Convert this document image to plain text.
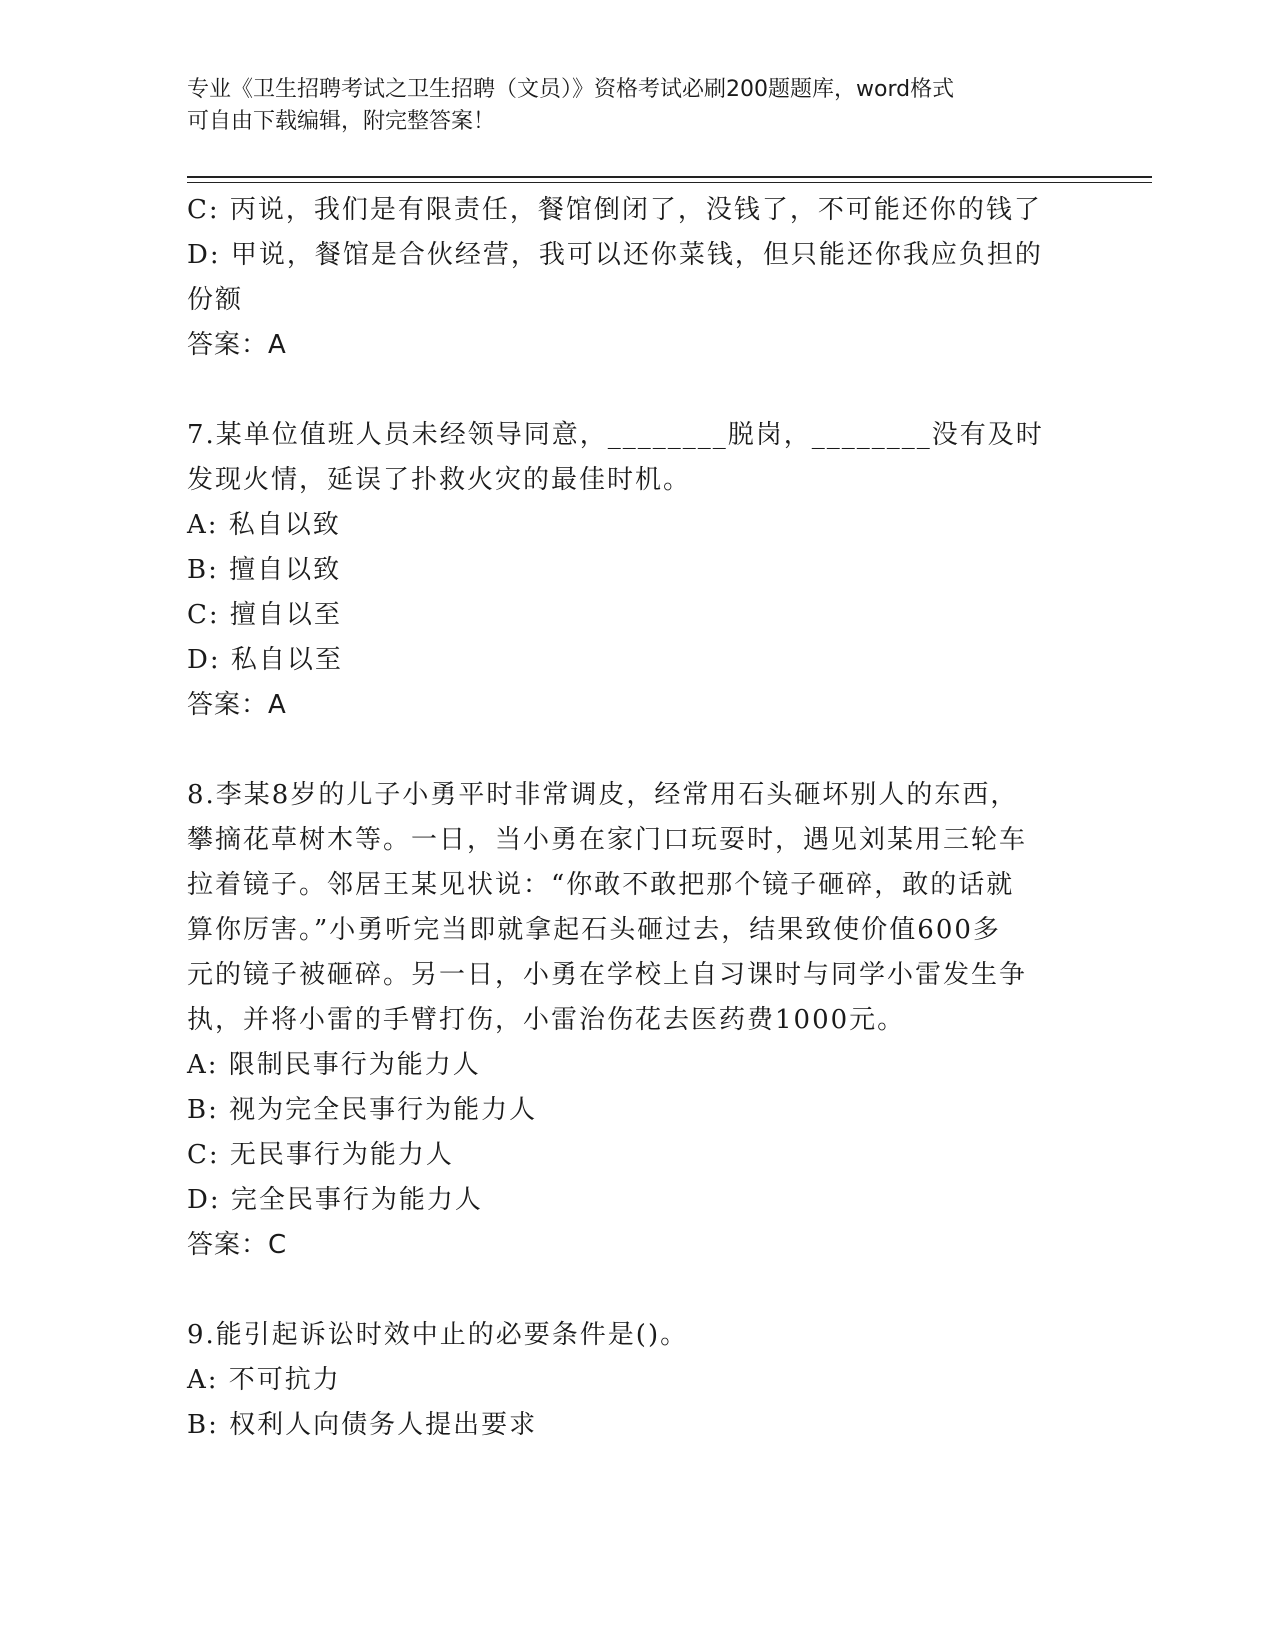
专业《卫生招聘考试之卫生招聘（文员）》资格考试必刷200题题库，word格式
可自由下载编辑，附完整答案！
C: 丙说，我们是有限责任，餐馆倒闭了，没钱了，不可能还你的钱了
D: 甲说，餐馆是合伙经营，我可以还你菜钱，但只能还你我应负担的
份额
答案：A
7.某单位值班人员未经领导同意，________脱岗，________没有及时
发现火情，延误了扑救火灾的最佳时机。
A: 私自以致
B: 擅自以致
C: 擅自以至
D: 私自以至
答案：A
8.李某8岁的儿子小勇平时非常调皮，经常用石头砸坏别人的东西，
攀摘花草树木等。一日，当小勇在家门口玩耍时，遇见刘某用三轮车
拉着镜子。邻居王某见状说：“你敢不敢把那个镜子砸碎，敢的话就
算你厉害。”小勇听完当即就拿起石头砸过去，结果致使价值600多
元的镜子被砸碎。另一日，小勇在学校上自习课时与同学小雷发生争
执，并将小雷的手臂打伤，小雷治伤花去医药费1000元。
A: 限制民事行为能力人
B: 视为完全民事行为能力人
C: 无民事行为能力人
D: 完全民事行为能力人
答案：C
9.能引起诉讼时效中止的必要条件是()。
A: 不可抗力
B: 权利人向债务人提出要求
